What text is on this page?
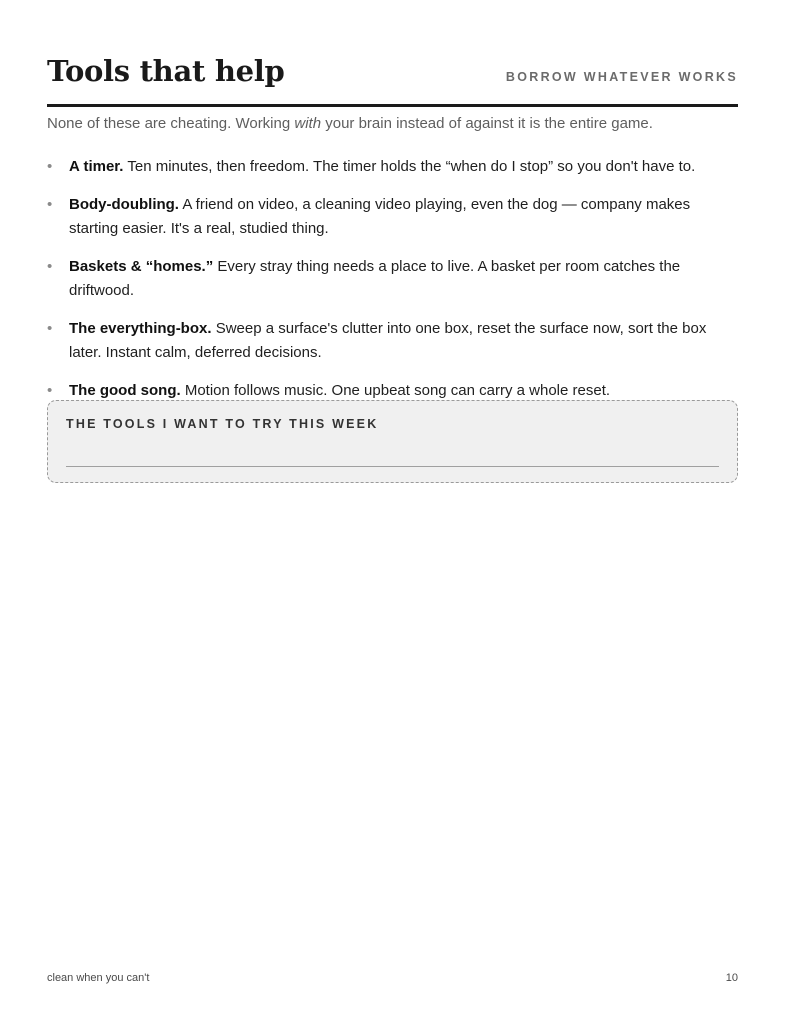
Tools that help	BORROW WHATEVER WORKS

None of these are cheating. Working with your brain instead of against it is the entire game.

• A timer. Ten minutes, then freedom. The timer holds the “when do I stop” so you don't have to.
• Body-doubling. A friend on video, a cleaning video playing, even the dog — company makes starting easier. It's a real, studied thing.
• Baskets & “homes.” Every stray thing needs a place to live. A basket per room catches the driftwood.
• The everything-box. Sweep a surface's clutter into one box, reset the surface now, sort the box later. Instant calm, deferred decisions.
• The good song. Motion follows music. One upbeat song can carry a whole reset.
THE TOOLS I WANT TO TRY THIS WEEK
clean when you can't	10
